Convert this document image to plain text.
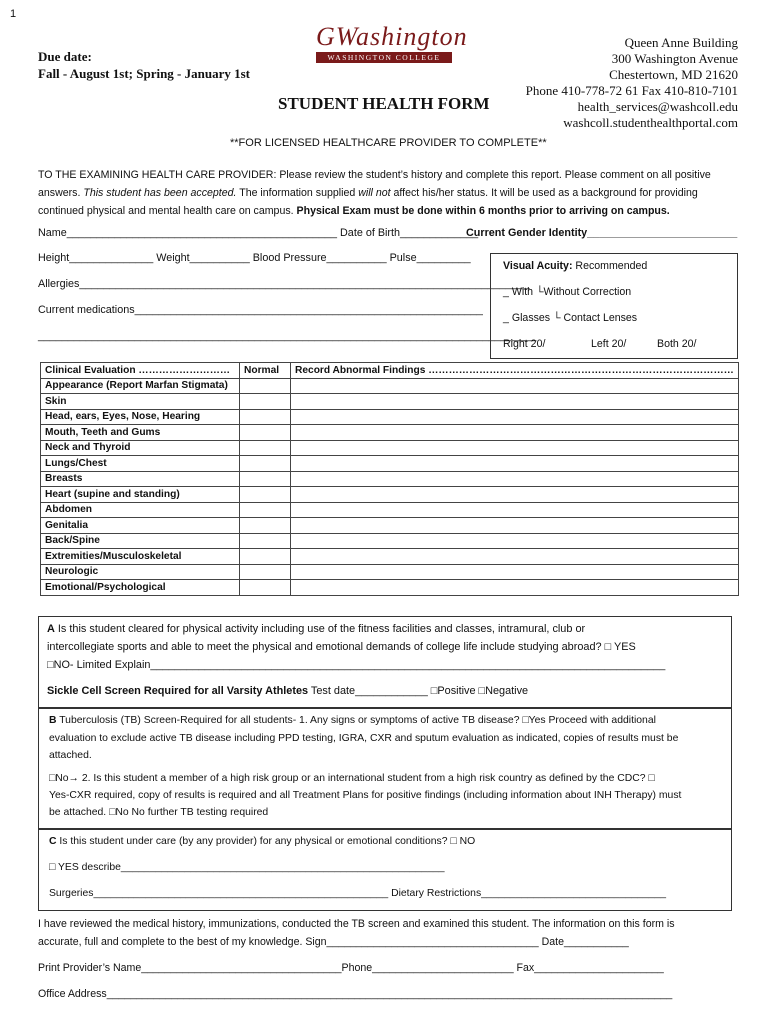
1
Due date:
Fall - August 1st; Spring - January 1st
GWashington
WASHINGTON COLLEGE
STUDENT HEALTH FORM
Queen Anne Building
300 Washington Avenue
Chestertown, MD 21620
Phone 410-778-72 61 Fax 410-810-7101
health_services@washcoll.edu
washcoll.studenthealthportal.com
**FOR LICENSED HEALTHCARE PROVIDER TO COMPLETE**
TO THE EXAMINING HEALTH CARE PROVIDER: Please review the student’s history and complete this report. Please comment on all positive answers. This student has been accepted. The information supplied will not affect his/her status. It will be used as a background for providing continued physical and mental health care on campus. Physical Exam must be done within 6 months prior to arriving on campus.
Name_____________________________________________ Date of Birth_____________
Current Gender Identity_________________________
Height______________ Weight__________ Blood Pressure__________ Pulse_________
Allergies___________________________________________________________________________
Current medications__________________________________________________________
___________________________________________________________________________________
Visual Acuity: Recommended
_ With └Without Correction
_ Glasses └ Contact Lenses
Right 20/	Left 20/	Both 20/
Clinical Evaluation ………………………	Normal	Record Abnormal Findings ………………………………………………………………………………
Appearance (Report Marfan Stigmata)		
Skin		
Head, ears, Eyes, Nose, Hearing		
Mouth, Teeth and Gums		
Neck and Thyroid		
Lungs/Chest		
Breasts		
Heart (supine and standing)		
Abdomen		
Genitalia		
Back/Spine		
Extremities/Musculoskeletal		
Neurologic		
Emotional/Psychological		
A Is this student cleared for physical activity including use of the fitness facilities and classes, intramural, club or
intercollegiate sports and able to meet the physical and emotional demands of college life include studying abroad? □ YES
□NO- Limited Explain_____________________________________________________________________________________
Sickle Cell Screen Required for all Varsity Athletes Test date____________ □Positive □Negative
B Tuberculosis (TB) Screen-Required for all students- 1. Any signs or symptoms of active TB disease? □Yes Proceed with additional
evaluation to exclude active TB disease including PPD testing, IGRA, CXR and sputum evaluation as indicated, copies of results must be
attached.
□No→ 2. Is this student a member of a high risk group or an international student from a high risk country as defined by the CDC? □
Yes-CXR required, copy of results is required and all Treatment Plans for positive findings (including information about INH Therapy) must
be attached. □No No further TB testing required
C Is this student under care (by any provider) for any physical or emotional conditions? □ NO
□ YES describe________________________________________________________
Surgeries___________________________________________________ Dietary Restrictions________________________________
I have reviewed the medical history, immunizations, conducted the TB screen and examined this student. The information on this form is
accurate, full and complete to the best of my knowledge. Sign____________________________________ Date___________
Print Provider’s Name__________________________________Phone________________________ Fax______________________
Office Address________________________________________________________________________________________________
